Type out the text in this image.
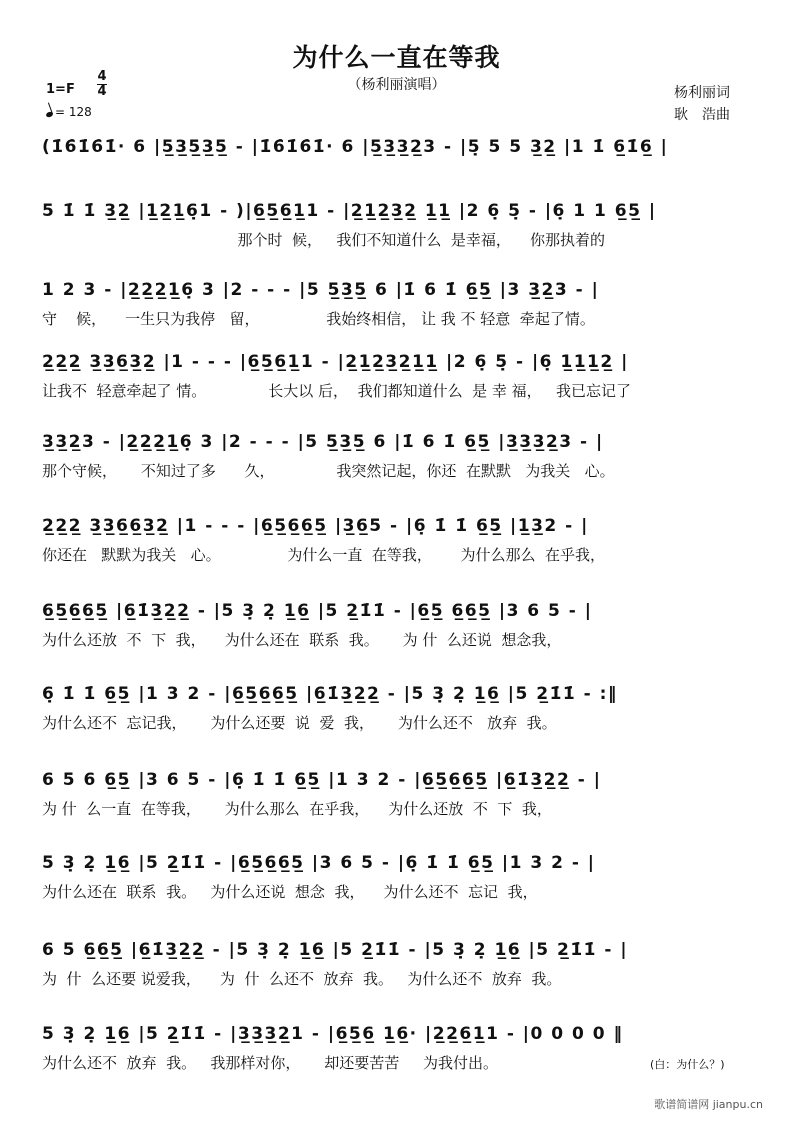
为什么一直在等我
（杨利丽演唱）
1=F
4
4
= 128
杨利丽词
耿　浩曲
(1̇6̇1̇6̇1̇· 6 |5̲3̲5̲3̲5̲ - |1̇6̇1̇6̇1̇· 6 |5̲3̲3̲2̲3 - |5̣ 5 5 3̲2̲ |1 1̇ 6̲1̇6̲ |
5 1̇ 1̇ 3̲2̲ |1̲2̲1̲6̣1 - )|6̲5̲6̲1̲1 - |2̲1̲2̲3̲2̲ 1̲1̲ |2 6̣ 5̣ - |6̣ 1 1 6̲5̲ |
那个时  候，   我们不知道什么  是幸福，    你那执着的
1 2 3 - |2̲2̲2̲1̲6̣ 3 |2 - - - |5 5̲3̲5̲ 6 |1̇ 6 1̇ 6̲5̲ |3 3̲2̲3 - |
守    候，    一生只为我停   留，              我始终相信， 让 我 不 轻意  牵起了情。
2̲2̲2̲ 3̲3̲6̲3̲2̲ |1 - - - |6̲5̲6̲1̲1 - |2̲1̲2̲3̲2̲1̲1̲ |2 6̣ 5̣ - |6̣ 1̲1̲1̲2̲ |
让我不  轻意牵起了 情。             长大以 后，  我们都知道什么  是 幸 福，   我已忘记了
3̲3̲2̲3 - |2̲2̲2̲1̲6̣ 3 |2 - - - |5 5̲3̲5̲ 6 |1̇ 6 1̇ 6̲5̲ |3̲3̲3̲2̲3 - |
那个守候，     不知过了多      久，             我突然记起，你还  在默默   为我关   心。
2̲2̲2̲ 3̲3̲6̲6̲3̲2̲ |1 - - - |6̲5̲6̲6̲5̲ |3̲6̲5 - |6̣ 1̇ 1̇ 6̲5̲ |1̲3̲2 - |
你还在   默默为我关   心。              为什么一直  在等我，      为什么那么  在乎我，
6̲5̲6̲6̲5̲ |6̲1̇3̲2̲2̲ - |5 3̣ 2̣ 1̲6̲ |5 2̲1̇1̇ - |6̲5̲ 6̲6̲5̲ |3 6 5 - |
为什么还放  不  下  我，    为什么还在  联系  我。     为 什  么还说  想念我，
6̣ 1̇ 1̇ 6̲5̲ |1 3 2 - |6̲5̲6̲6̲5̲ |6̲1̇3̲2̲2̲ - |5 3̣ 2̣ 1̲6̲ |5 2̲1̇1̇ - :‖
为什么还不  忘记我，     为什么还要  说  爱  我，     为什么还不   放弃  我。
6 5 6 6̲5̲ |3 6 5 - |6̣ 1̇ 1̇ 6̲5̲ |1 3 2 - |6̲5̲6̲6̲5̲ |6̲1̇3̲2̲2̲ - |
为 什  么一直  在等我，     为什么那么  在乎我，    为什么还放  不  下  我，
5 3̣ 2̣ 1̲6̲ |5 2̲1̇1̇ - |6̲5̲6̲6̲5̲ |3 6 5 - |6̣ 1̇ 1̇ 6̲5̲ |1 3 2 - |
为什么还在  联系  我。   为什么还说  想念  我，    为什么还不  忘记  我，
6 5 6̲6̲5̲ |6̲1̇3̲2̲2̲ - |5 3̣ 2̣ 1̲6̲ |5 2̲1̇1̇ - |5 3̣ 2̣ 1̲6̲ |5 2̲1̇1̇ - |
为  什  么还要 说爱我，    为  什  么还不  放弃  我。   为什么还不  放弃  我。
5 3̣ 2̣ 1̲6̲ |5 2̲1̇1̇ - |3̲3̲3̲2̲1 - |6̲5̲6̲ 1̲6̲· |2̲2̲6̲1̲1 - |0 0 0 0 ‖
为什么还不  放弃  我。   我那样对你，     却还要苦苦     为我付出。	(白：为什么？)
歌谱简谱网 jianpu.cn
